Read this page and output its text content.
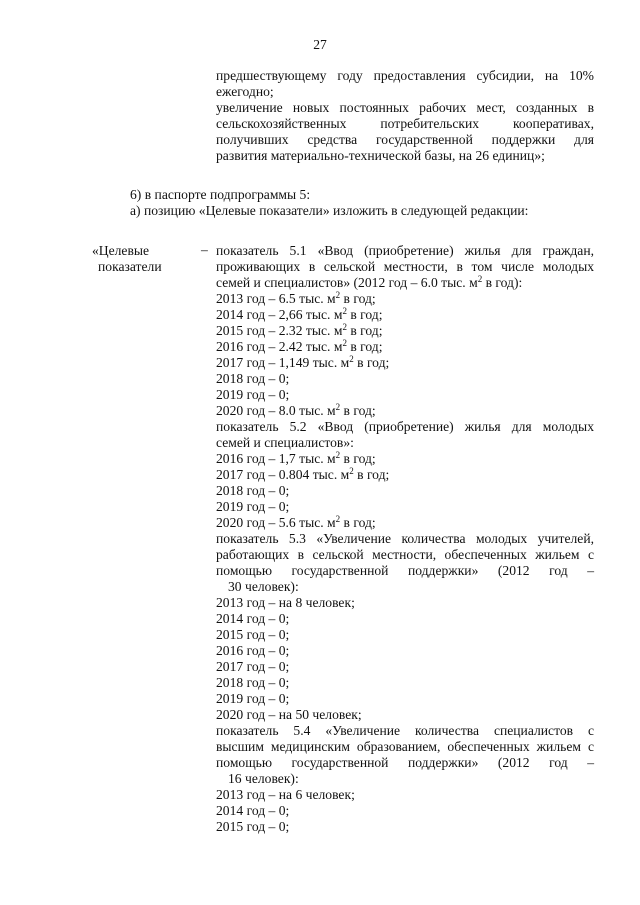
27
предшествующему году предоставления субсидии, на 10%
ежегодно;
увеличение новых постоянных рабочих мест, созданных в
сельскохозяйственных потребительских кооперативах,
получивших средства государственной поддержки для
развития материально-технической базы, на 26 единиц»;
6) в паспорте подпрограммы 5:
а) позицию «Целевые показатели» изложить в следующей редакции:
«Целевые
показатели
– показатель 5.1 «Ввод (приобретение) жилья для граждан,
проживающих в сельской местности, в том числе молодых
семей и специалистов» (2012 год – 6.0 тыс. $м^2$ в год):
2013 год – 6.5 тыс. $м^2$ в год;
2014 год – 2,66 тыс. $м^2$ в год;
2015 год – 2.32 тыс. $м^2$ в год;
2016 год – 2.42 тыс. $м^2$ в год;
2017 год – 1,149 тыс. $м^2$ в год;
2018 год – 0;
2019 год – 0;
2020 год – 8.0 тыс. $м^2$ в год;
показатель 5.2 «Ввод (приобретение) жилья для молодых
семей и специалистов»:
2016 год – 1,7 тыс. $м^2$ в год;
2017 год – 0.804 тыс. $м^2$ в год;
2018 год – 0;
2019 год – 0;
2020 год – 5.6 тыс. $м^2$ в год;
показатель 5.3 «Увеличение количества молодых учителей,
работающих в сельской местности, обеспеченных жильем с
помощью государственной поддержки» (2012 год –
30 человек):
2013 год – на 8 человек;
2014 год – 0;
2015 год – 0;
2016 год – 0;
2017 год – 0;
2018 год – 0;
2019 год – 0;
2020 год – на 50 человек;
показатель 5.4 «Увеличение количества специалистов с
высшим медицинским образованием, обеспеченных жильем с
помощью государственной поддержки» (2012 год –
16 человек):
2013 год – на 6 человек;
2014 год – 0;
2015 год – 0;
